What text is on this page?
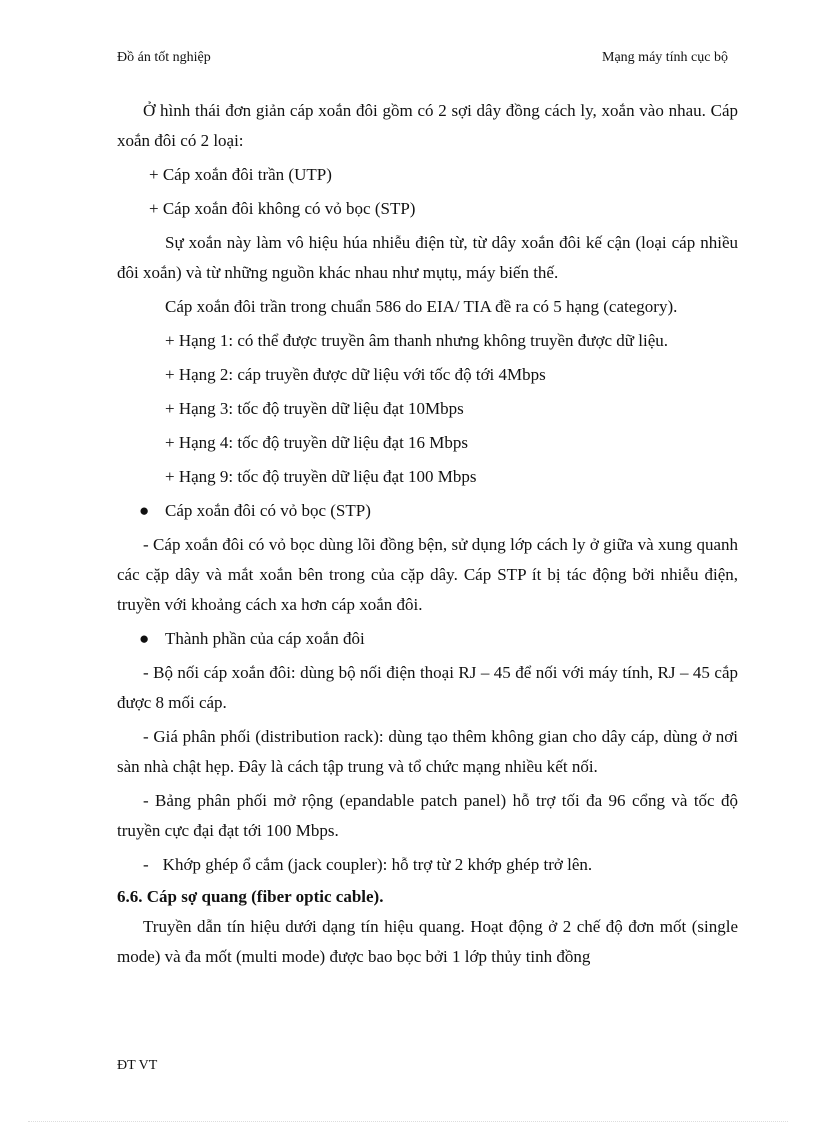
Đồ án tốt nghiệp	Mạng máy tính cục bộ

Ở hình thái đơn giản cáp xoắn đôi gồm có 2 sợi dây đồng cách ly, xoắn vào nhau. Cáp xoắn đôi có 2 loại:

+ Cáp xoắn đôi trần (UTP)

+ Cáp xoắn đôi không có vỏ bọc (STP)

Sự xoắn này làm vô hiệu húa nhiễu điện từ, từ dây xoắn đôi kế cận (loại cáp nhiều đôi xoắn) và từ những nguồn khác nhau như mụtụ, máy biến thế.

Cáp xoắn đôi trần trong chuẩn 586 do EIA/ TIA đề ra có 5 hạng (category).

+ Hạng 1: có thể được truyền âm thanh nhưng không truyền được dữ liệu.

+ Hạng 2: cáp truyền được dữ liệu với tốc độ tới 4Mbps

+ Hạng 3: tốc độ truyền dữ liệu đạt 10Mbps

+ Hạng 4: tốc độ truyền dữ liệu đạt 16 Mbps

+ Hạng 9: tốc độ truyền dữ liệu đạt 100 Mbps

● Cáp xoắn đôi có vỏ bọc (STP)

- Cáp xoắn đôi có vỏ bọc dùng lõi đồng bện, sử dụng lớp cách ly ở giữa và xung quanh các cặp dây và mắt xoắn bên trong của cặp dây. Cáp STP ít bị tác động bởi nhiễu điện, truyền với khoảng cách xa hơn cáp xoắn đôi.

● Thành phần của cáp xoắn đôi

- Bộ nối cáp xoắn đôi: dùng bộ nối điện thoại RJ – 45 để nối với máy tính, RJ – 45 cắp được 8 mối cáp.

- Giá phân phối (distribution rack): dùng tạo thêm không gian cho dây cáp, dùng ở nơi sàn nhà chật hẹp. Đây là cách tập trung và tổ chức mạng nhiều kết nối.

- Bảng phân phối mở rộng (epandable patch panel) hỗ trợ tối đa 96 cổng và tốc độ truyền cực đại đạt tới 100 Mbps.

- Khớp ghép ổ cắm (jack coupler): hỗ trợ từ 2 khớp ghép trở lên.

6.6. Cáp sợ quang (fiber optic cable).

Truyền dẫn tín hiệu dưới dạng tín hiệu quang. Hoạt động ở 2 chế độ đơn mốt (single mode) và đa mốt (multi mode) được bao bọc bởi 1 lớp thủy tinh đồng

ĐT VT
